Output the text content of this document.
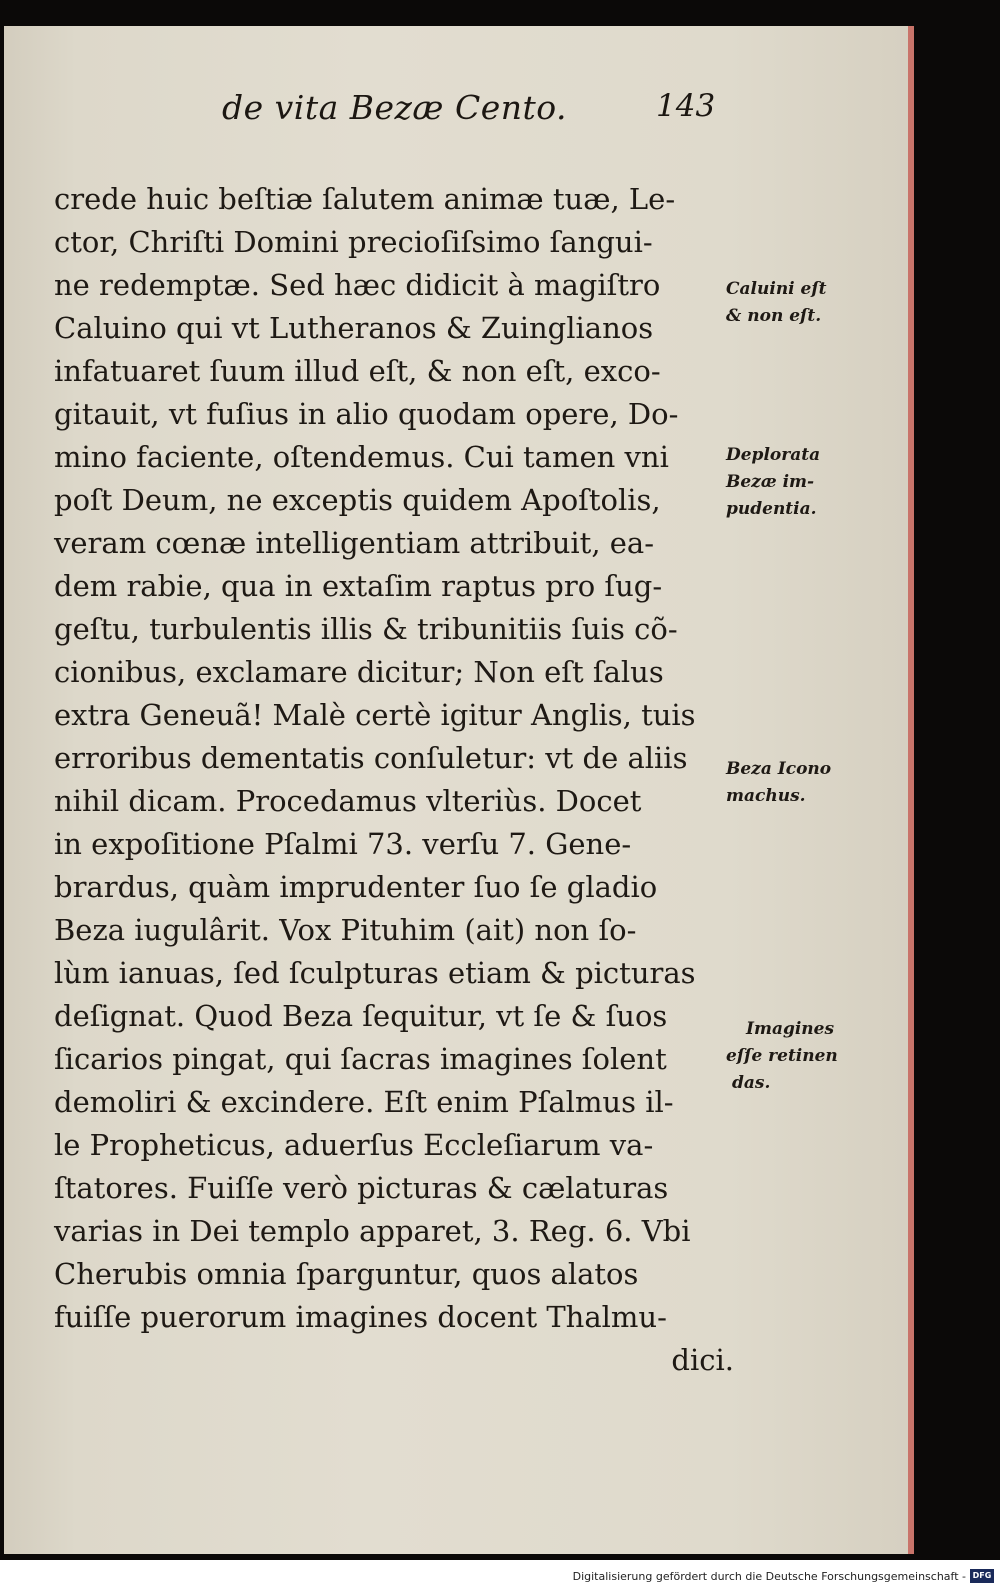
de vita Bezæ Cento.	143
crede huic beſtiæ ſalutem animæ tuæ, Le-
ctor, Chriſti Domini precioſiſsimo ſangui-
ne redemptæ. Sed hæc didicit à magiſtro
Caluino qui vt Lutheranos & Zuinglianos
infatuaret ſuum illud eſt, & non eſt, exco-
gitauit, vt fuſius in alio quodam opere, Do-
mino faciente, oſtendemus. Cui tamen vni
poſt Deum, ne exceptis quidem Apoſtolis,
veram cœnæ intelligentiam attribuit, ea-
dem rabie, qua in extaſim raptus pro ſug-
geſtu, turbulentis illis & tribunitiis ſuis cõ-
cionibus, exclamare dicitur; Non eſt ſalus
extra Geneuã! Malè certè igitur Anglis, tuis
erroribus dementatis conſuletur: vt de aliis
nihil dicam. Procedamus vlteriùs. Docet
in expoſitione Pſalmi 73. verſu 7. Gene-
brardus, quàm imprudenter ſuo ſe gladio
Beza iugulârit. Vox Pituhim (ait) non ſo-
lùm ianuas, ſed ſculpturas etiam & picturas
deſignat. Quod Beza ſequitur, vt ſe & ſuos
ſicarios pingat, qui ſacras imagines ſolent
demoliri & excindere. Eſt enim Pſalmus il-
le Propheticus, aduerſus Eccleſiarum va-
ſtatores. Fuiſſe verò picturas & cælaturas
varias in Dei templo apparet, 3. Reg. 6. Vbi
Cherubis omnia ſparguntur, quos alatos
fuiſſe puerorum imagines docent Thalmu-
dici.
Caluini eſt
& non eſt.
Deplorata
Bezæ im-
pudentia.
Beza Icono
machus.
Imagines
eſſe retinen
das.
Digitalisierung gefördert durch die Deutsche Forschungsgemeinschaft - DFG
